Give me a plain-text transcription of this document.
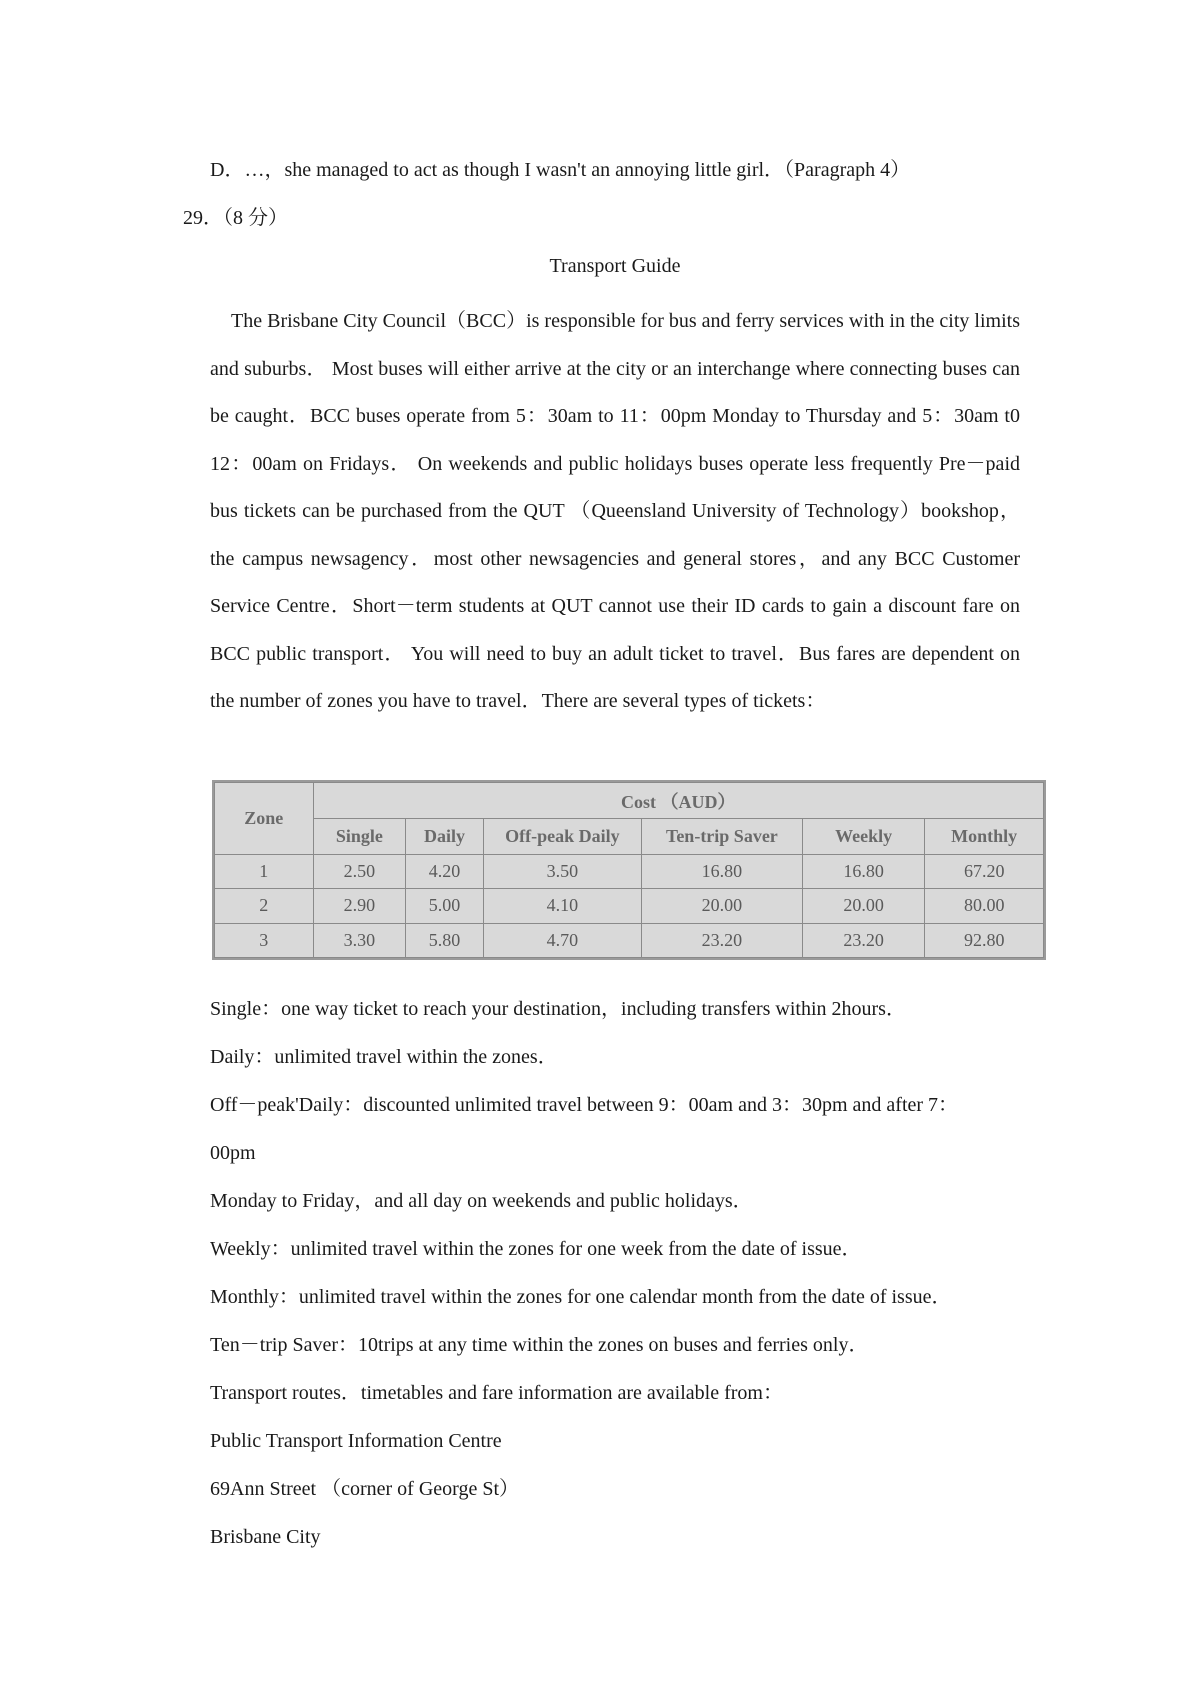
D．…，she managed to act as though I wasn't an annoying little girl．（Paragraph 4）
29．（8 分）
Transport Guide
The Brisbane City Council（BCC）is responsible for bus and ferry services with in the city limits and suburbs． Most buses will either arrive at the city or an interchange where connecting buses can be caught．BCC buses operate from 5：30am to 11：00pm Monday to Thursday and 5：30am t0 12：00am on Fridays． On weekends and public holidays buses operate less frequently Pre－paid bus tickets can be purchased from the QUT （Queensland University of Technology）bookshop，the campus newsagency．most other newsagencies and general stores，and any BCC Customer Service Centre．Short－term students at QUT cannot use their ID cards to gain a discount fare on BCC public transport． You will need to buy an adult ticket to travel．Bus fares are dependent on the number of zones you have to travel．There are several types of tickets：
Zone	Cost （AUD）					
	Single	Daily	Off-peak Daily	Ten-trip Saver	Weekly	Monthly
1	2.50	4.20	3.50	16.80	16.80	67.20
2	2.90	5.00	4.10	20.00	20.00	80.00
3	3.30	5.80	4.70	23.20	23.20	92.80
Single：one way ticket to reach your destination，including transfers within 2hours．
Daily：unlimited travel within the zones．
Off－peak'Daily：discounted unlimited travel between 9：00am and 3：30pm and after 7：
00pm
Monday to Friday，and all day on weekends and public holidays．
Weekly：unlimited travel within the zones for one week from the date of issue．
Monthly：unlimited travel within the zones for one calendar month from the date of issue．
Ten－trip Saver：10trips at any time within the zones on buses and ferries only．
Transport routes．timetables and fare information are available from：
Public Transport Information Centre
69Ann Street （corner of George St）
Brisbane City
